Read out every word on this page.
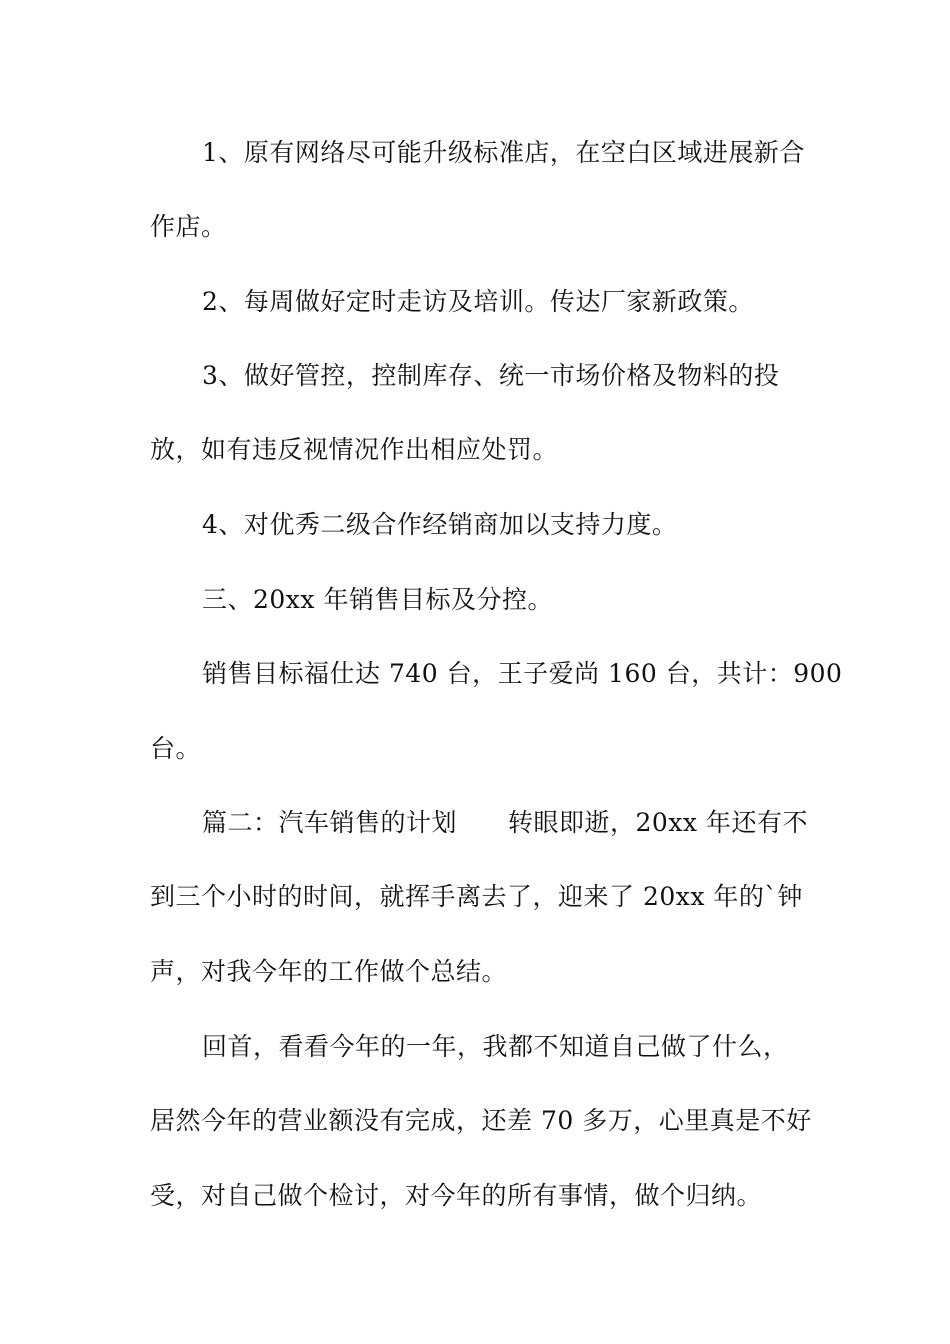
1、原有网络尽可能升级标准店，在空白区域进展新合
作店。
2、每周做好定时走访及培训。传达厂家新政策。
3、做好管控，控制库存、统一市场价格及物料的投
放，如有违反视情况作出相应处罚。
4、对优秀二级合作经销商加以支持力度。
三、20xx 年销售目标及分控。
销售目标福仕达 740 台，王子爱尚 160 台，共计：900
台。
篇二：汽车销售的计划　　转眼即逝，20xx 年还有不
到三个小时的时间，就挥手离去了，迎来了 20xx 年的`钟
声，对我今年的工作做个总结。
回首，看看今年的一年，我都不知道自己做了什么，
居然今年的营业额没有完成，还差 70 多万，心里真是不好
受，对自己做个检讨，对今年的所有事情，做个归纳。
